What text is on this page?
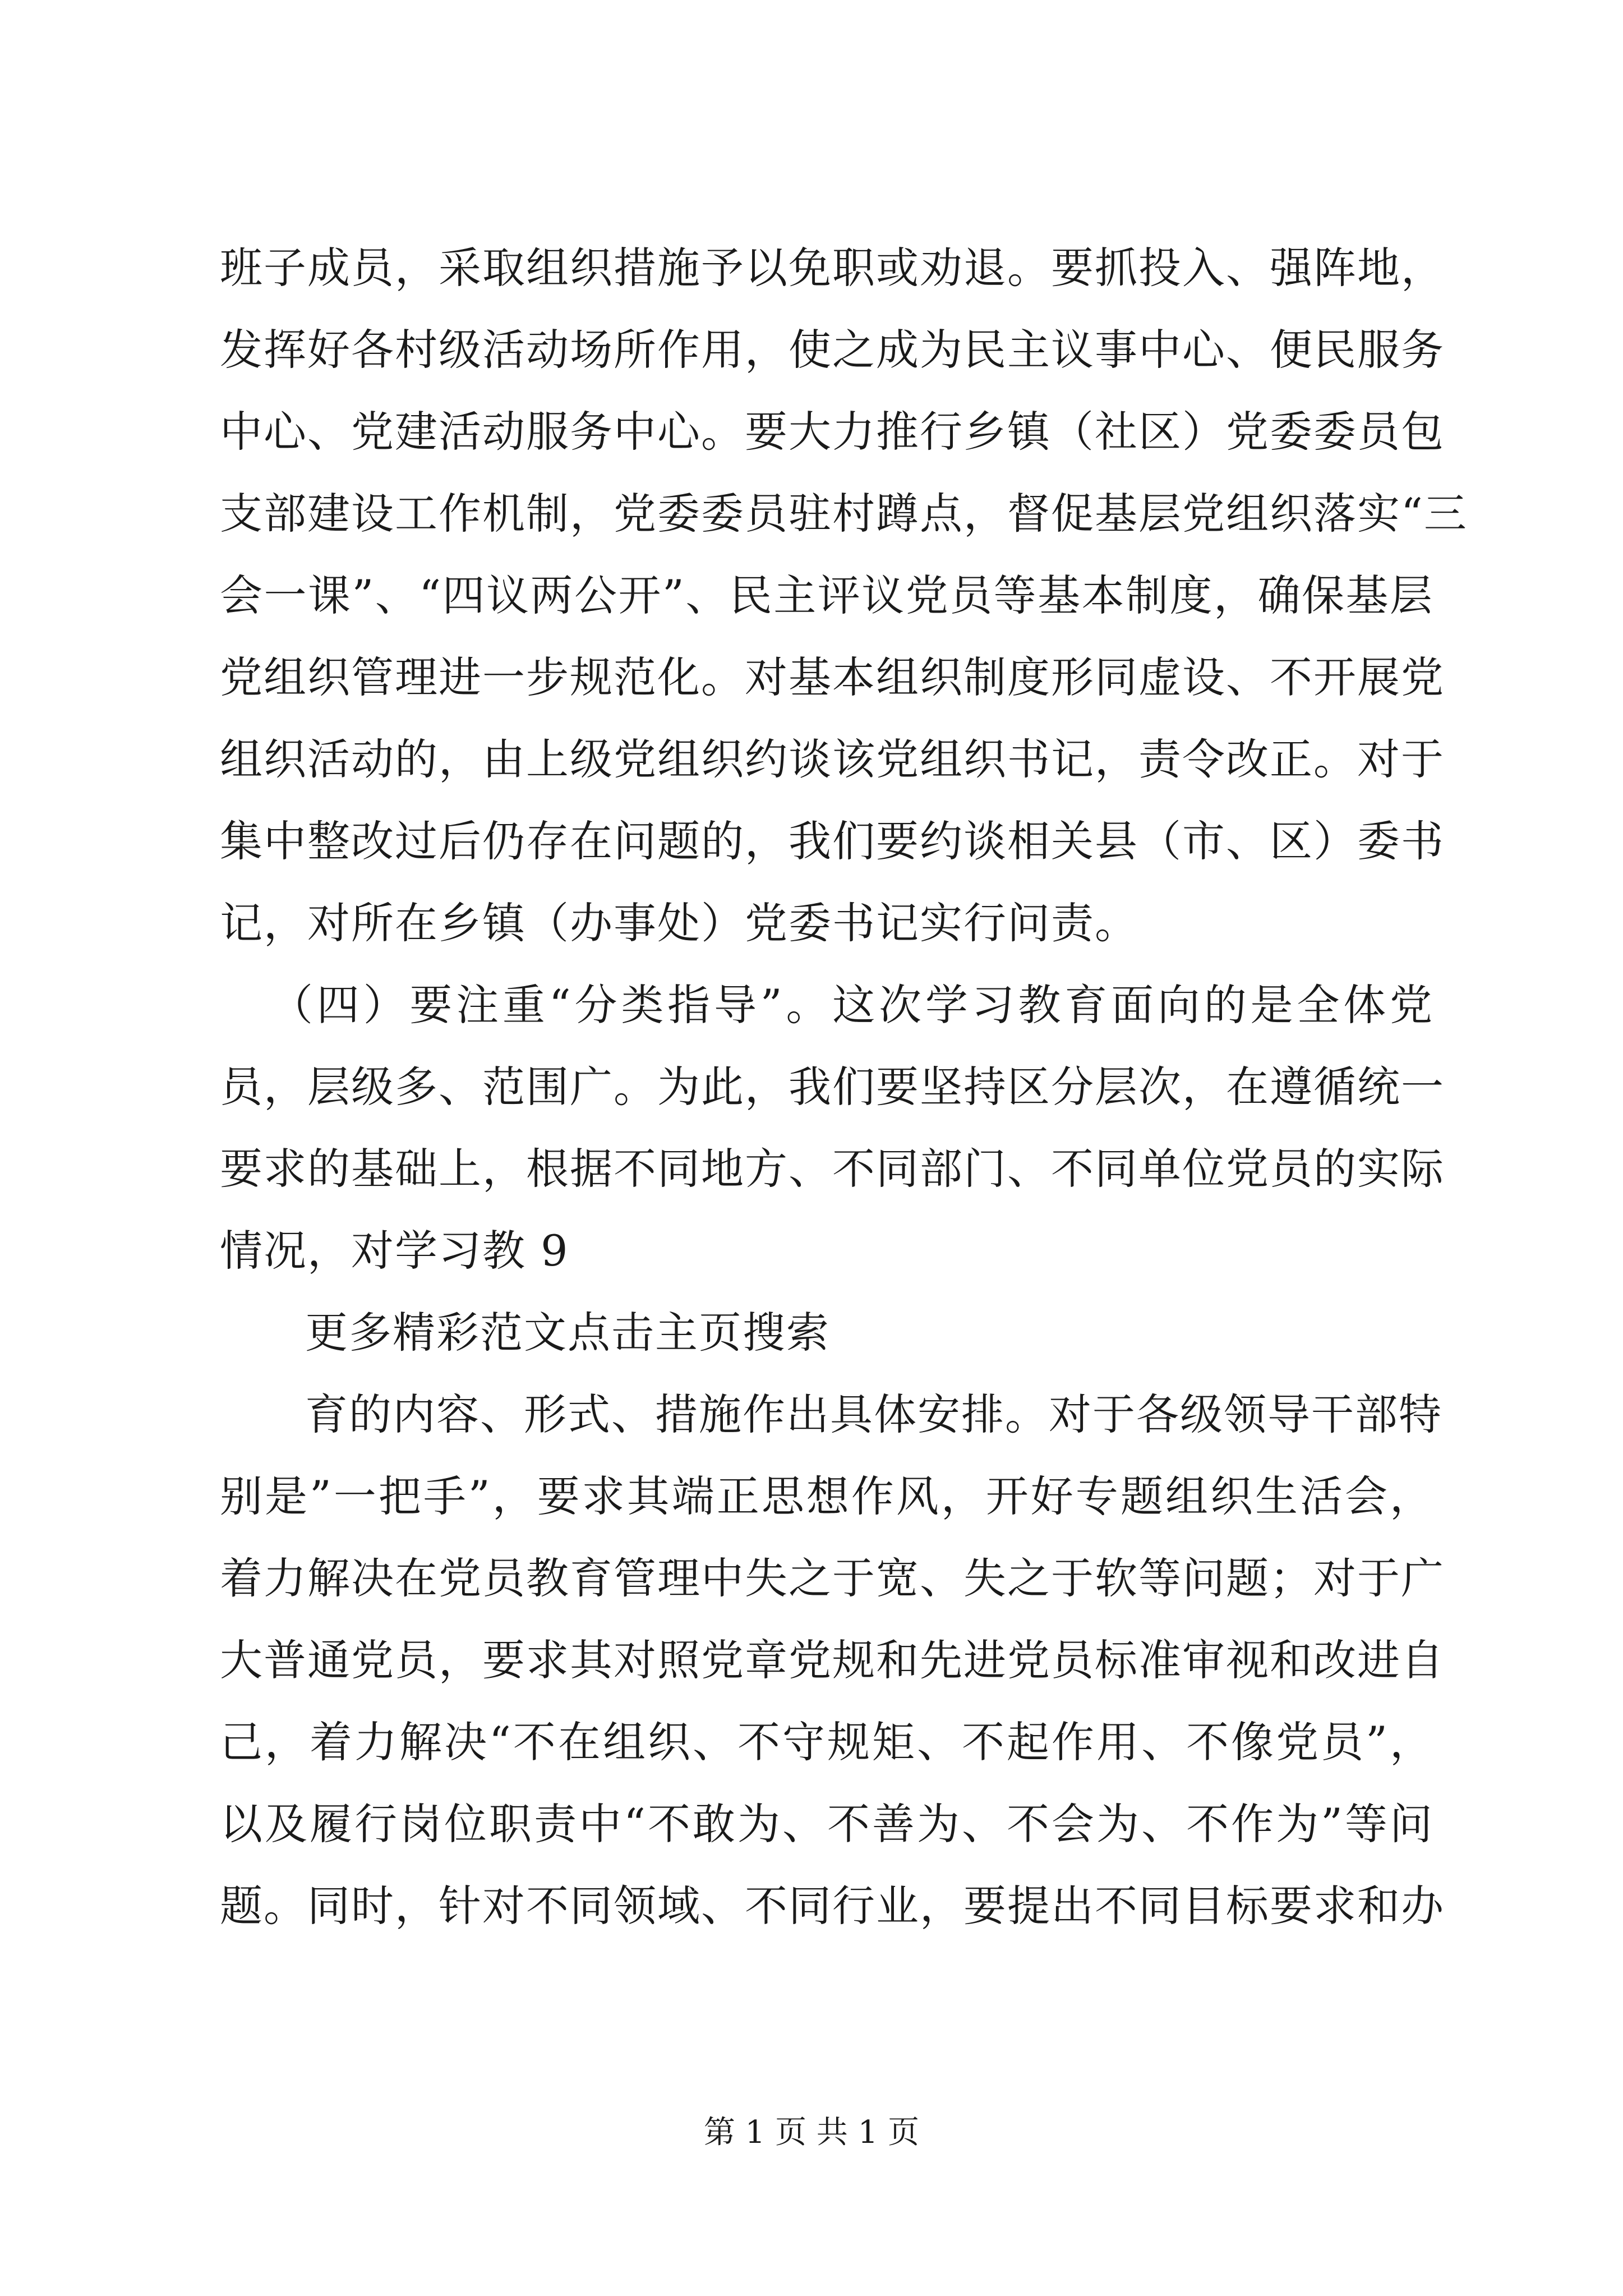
班子成员，采取组织措施予以免职或劝退。要抓投入、强阵地，
发挥好各村级活动场所作用，使之成为民主议事中心、便民服务
中心、党建活动服务中心。要大力推行乡镇（社区）党委委员包
支部建设工作机制，党委委员驻村蹲点，督促基层党组织落实“三
会一课”、“四议两公开”、民主评议党员等基本制度，确保基层
党组织管理进一步规范化。对基本组织制度形同虚设、不开展党
组织活动的，由上级党组织约谈该党组织书记，责令改正。对于
集中整改过后仍存在问题的，我们要约谈相关县（市、区）委书
记，对所在乡镇（办事处）党委书记实行问责。
（四）要注重“分类指导”。这次学习教育面向的是全体党
员，层级多、范围广。为此，我们要坚持区分层次，在遵循统一
要求的基础上，根据不同地方、不同部门、不同单位党员的实际
情况，对学习教 9
更多精彩范文点击主页搜索
育的内容、形式、措施作出具体安排。对于各级领导干部特
别是”一把手”，要求其端正思想作风，开好专题组织生活会，
着力解决在党员教育管理中失之于宽、失之于软等问题；对于广
大普通党员，要求其对照党章党规和先进党员标准审视和改进自
己，着力解决“不在组织、不守规矩、不起作用、不像党员”，
以及履行岗位职责中“不敢为、不善为、不会为、不作为”等问
题。同时，针对不同领域、不同行业，要提出不同目标要求和办
第 1 页 共 1 页
